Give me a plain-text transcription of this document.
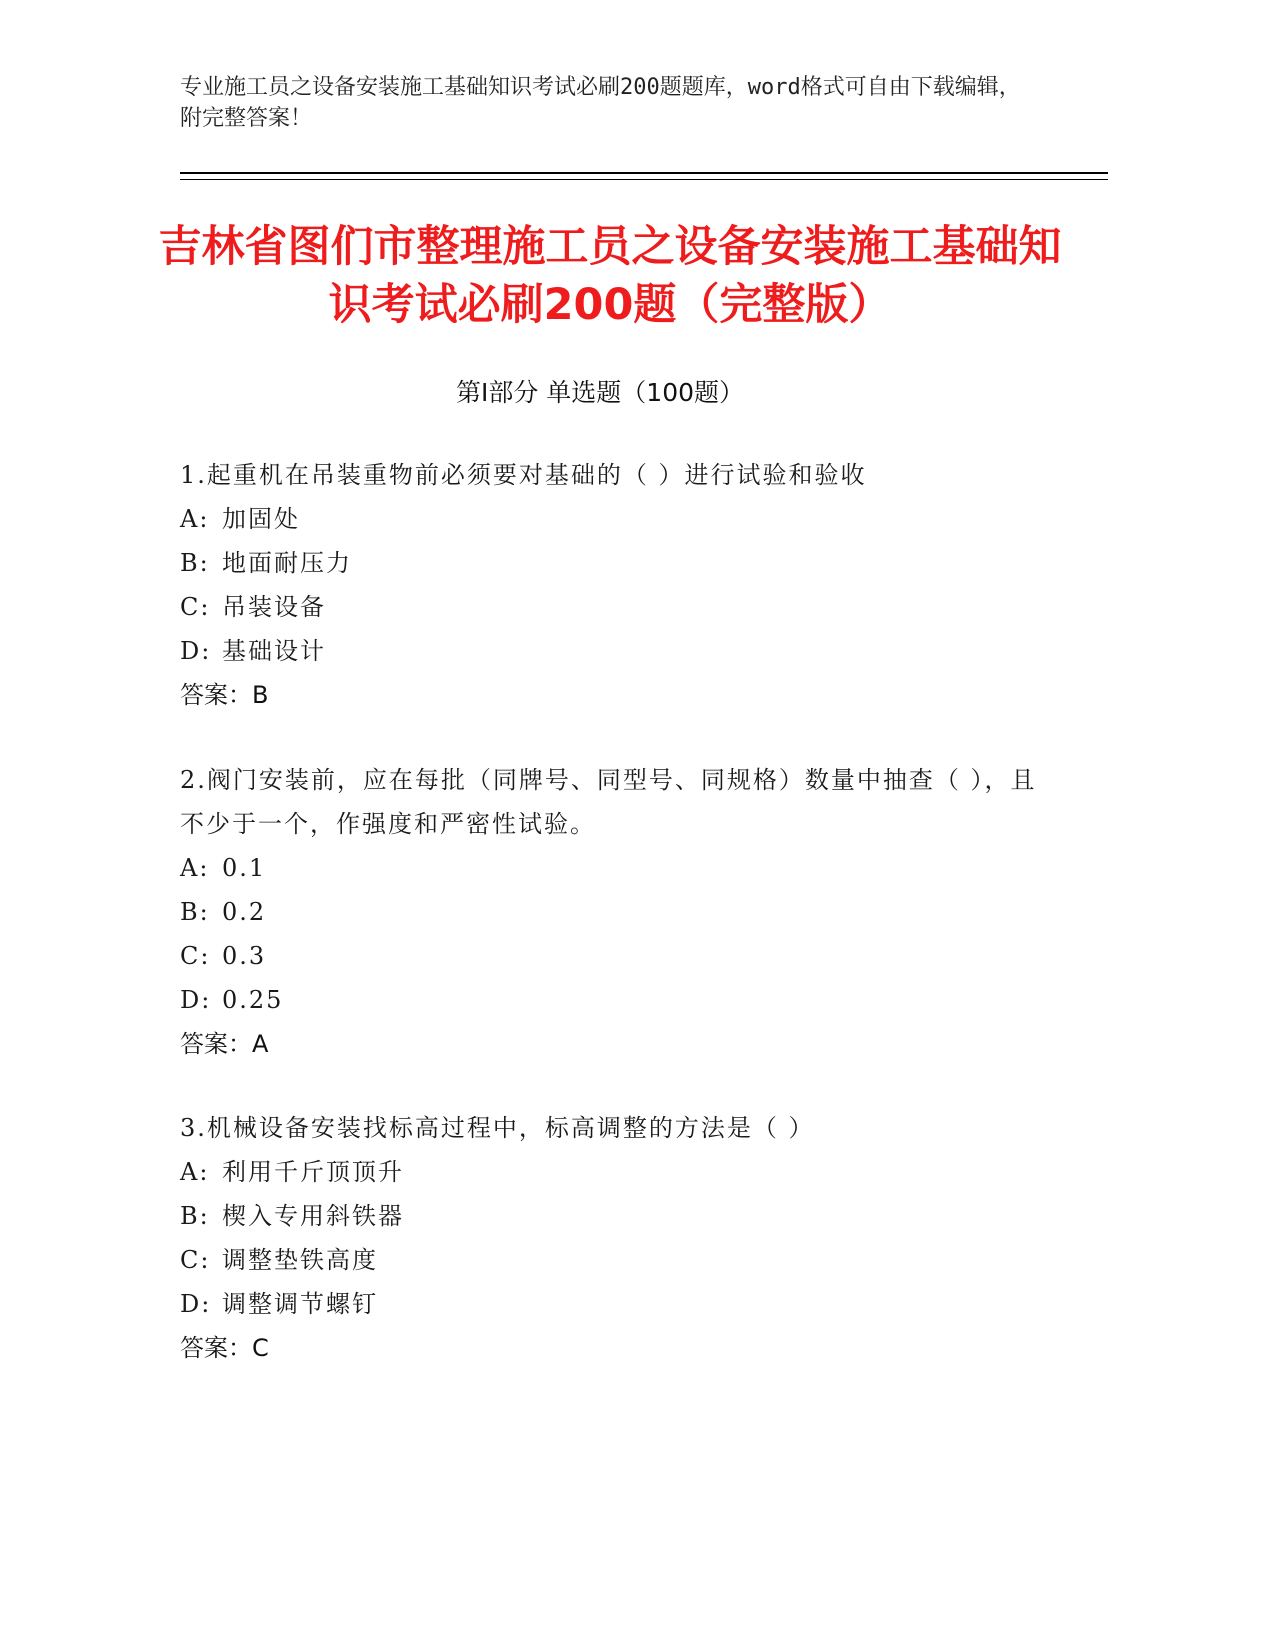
专业施工员之设备安装施工基础知识考试必刷200题题库，word格式可自由下载编辑，附完整答案！
吉林省图们市整理施工员之设备安装施工基础知识考试必刷200题（完整版）
第Ⅰ部分 单选题（100题）
1.起重机在吊装重物前必须要对基础的（ ）进行试验和验收
A: 加固处
B: 地面耐压力
C: 吊装设备
D: 基础设计
答案：B
2.阀门安装前，应在每批（同牌号、同型号、同规格）数量中抽查（ ），且不少于一个，作强度和严密性试验。
A: 0.1
B: 0.2
C: 0.3
D: 0.25
答案：A
3.机械设备安装找标高过程中，标高调整的方法是（ ）
A: 利用千斤顶顶升
B: 楔入专用斜铁器
C: 调整垫铁高度
D: 调整调节螺钉
答案：C
